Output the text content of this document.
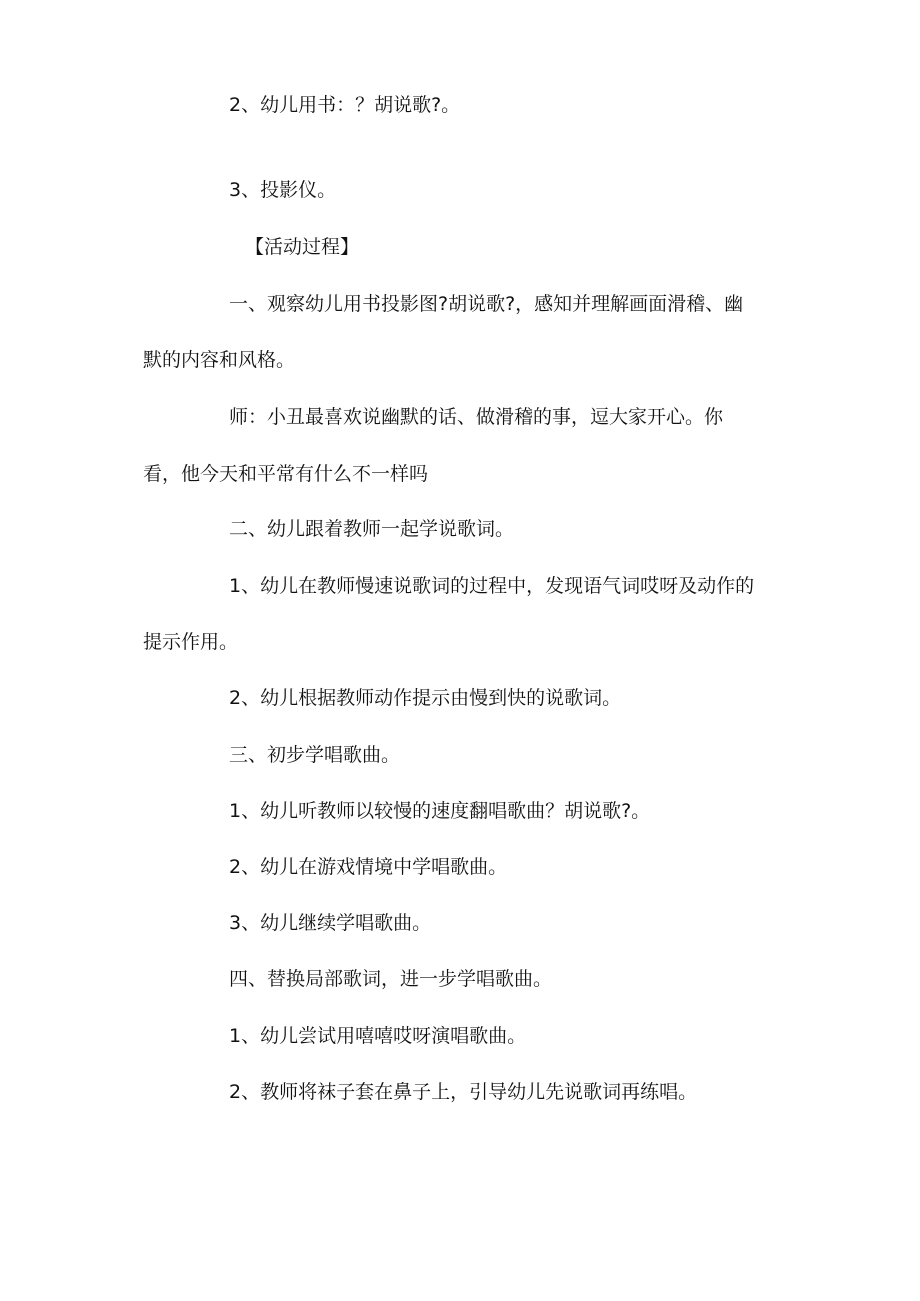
2、幼儿用书：？胡说歌?。
3、投影仪。
【活动过程】
一、观察幼儿用书投影图?胡说歌?，感知并理解画面滑稽、幽
默的内容和风格。
师：小丑最喜欢说幽默的话、做滑稽的事，逗大家开心。你
看，他今天和平常有什么不一样吗
二、幼儿跟着教师一起学说歌词。
1、幼儿在教师慢速说歌词的过程中，发现语气词哎呀及动作的
提示作用。
2、幼儿根据教师动作提示由慢到快的说歌词。
三、初步学唱歌曲。
1、幼儿听教师以较慢的速度翻唱歌曲？胡说歌?。
2、幼儿在游戏情境中学唱歌曲。
3、幼儿继续学唱歌曲。
四、替换局部歌词，进一步学唱歌曲。
1、幼儿尝试用嘻嘻哎呀演唱歌曲。
2、教师将袜子套在鼻子上，引导幼儿先说歌词再练唱。
